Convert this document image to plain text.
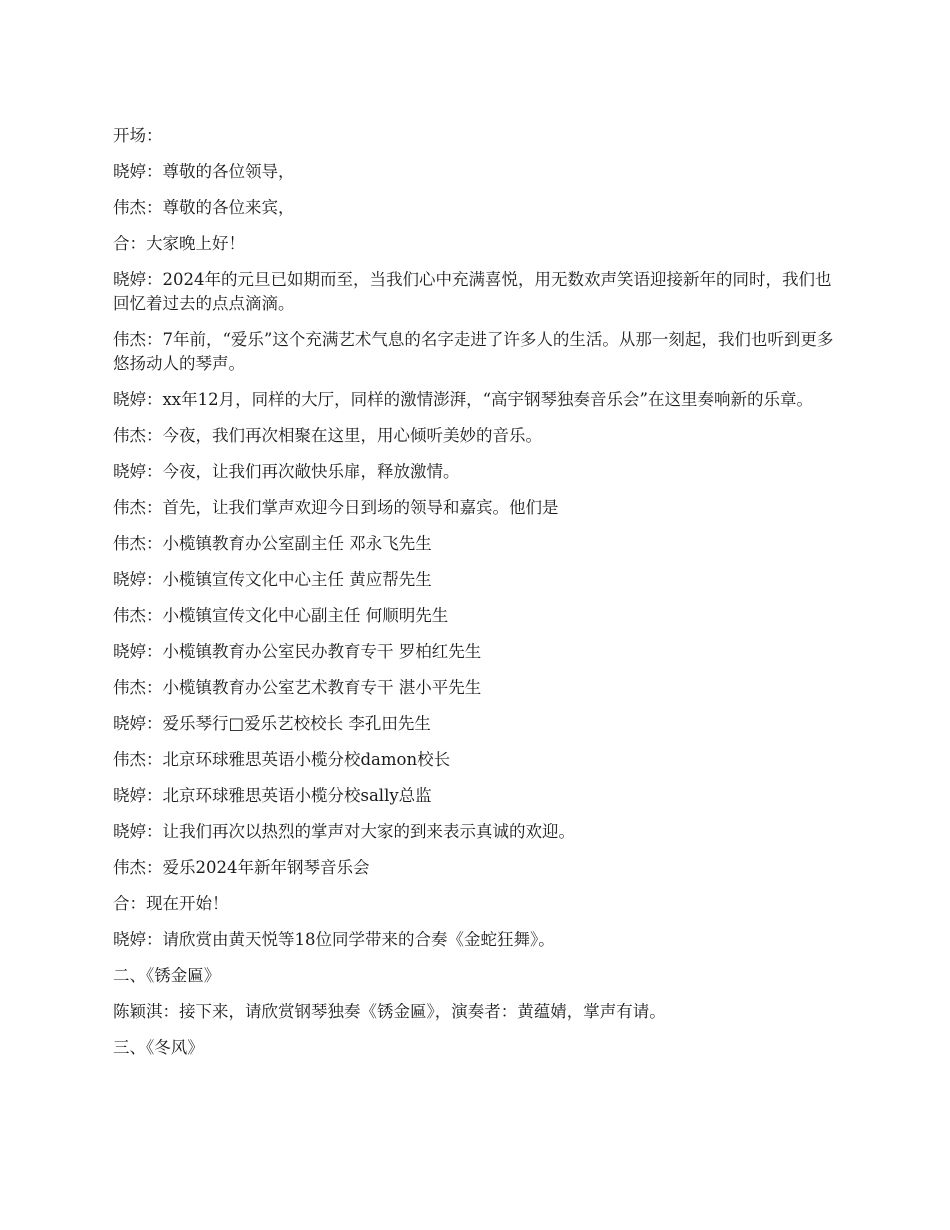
开场：

晓婷：尊敬的各位领导，

伟杰：尊敬的各位来宾，

合：大家晚上好！

晓婷：2024年的元旦已如期而至，当我们心中充满喜悦，用无数欢声笑语迎接新年的同时，我们也回忆着过去的点点滴滴。

伟杰：7年前，“爱乐”这个充满艺术气息的名字走进了许多人的生活。从那一刻起，我们也听到更多悠扬动人的琴声。

晓婷：xx年12月，同样的大厅，同样的激情澎湃，“高宇钢琴独奏音乐会”在这里奏响新的乐章。

伟杰：今夜，我们再次相聚在这里，用心倾听美妙的音乐。

晓婷：今夜，让我们再次敞快乐扉，释放激情。

伟杰：首先，让我们掌声欢迎今日到场的领导和嘉宾。他们是

伟杰：小榄镇教育办公室副主任 邓永飞先生

晓婷：小榄镇宣传文化中心主任 黄应帮先生

伟杰：小榄镇宣传文化中心副主任 何顺明先生

晓婷：小榄镇教育办公室民办教育专干 罗柏红先生

伟杰：小榄镇教育办公室艺术教育专干 湛小平先生

晓婷：爱乐琴行□爱乐艺校校长 李孔田先生

伟杰：北京环球雅思英语小榄分校damon校长

晓婷：北京环球雅思英语小榄分校sally总监

晓婷：让我们再次以热烈的掌声对大家的到来表示真诚的欢迎。

伟杰：爱乐2024年新年钢琴音乐会

合：现在开始！

晓婷：请欣赏由黄天悦等18位同学带来的合奏《金蛇狂舞》。

二、《锈金匾》

陈颖淇：接下来，请欣赏钢琴独奏《锈金匾》，演奏者：黄蕴婧，掌声有请。

三、《冬风》
